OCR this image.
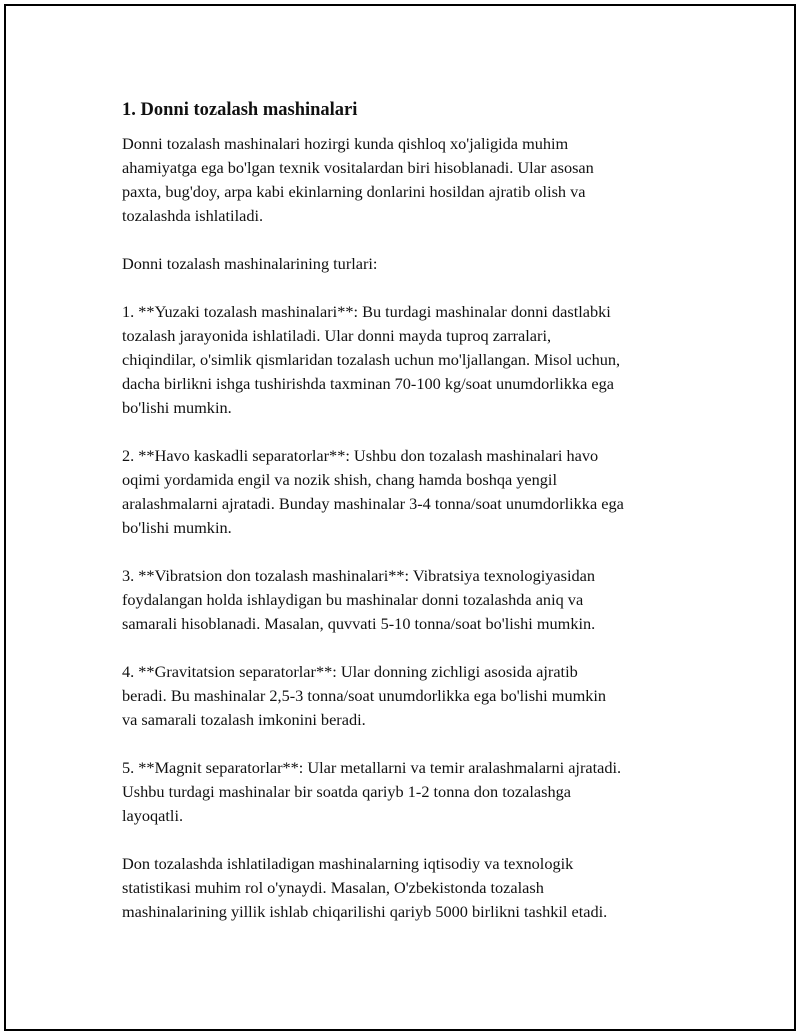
1. Donni tozalash mashinalari
Donni tozalash mashinalari hozirgi kunda qishloq xo'jaligida muhim
ahamiyatga ega bo'lgan texnik vositalardan biri hisoblanadi. Ular asosan
paxta, bug'doy, arpa kabi ekinlarning donlarini hosildan ajratib olish va
tozalashda ishlatiladi.
Donni tozalash mashinalarining turlari:
1. **Yuzaki tozalash mashinalari**: Bu turdagi mashinalar donni dastlabki
tozalash jarayonida ishlatiladi. Ular donni mayda tuproq zarralari,
chiqindilar, o'simlik qismlaridan tozalash uchun mo'ljallangan. Misol uchun,
dacha birlikni ishga tushirishda taxminan 70-100 kg/soat unumdorlikka ega
bo'lishi mumkin.
2. **Havo kaskadli separatorlar**: Ushbu don tozalash mashinalari havo
oqimi yordamida engil va nozik shish, chang hamda boshqa yengil
aralashmalarni ajratadi. Bunday mashinalar 3-4 tonna/soat unumdorlikka ega
bo'lishi mumkin.
3. **Vibratsion don tozalash mashinalari**: Vibratsiya texnologiyasidan
foydalangan holda ishlaydigan bu mashinalar donni tozalashda aniq va
samarali hisoblanadi. Masalan, quvvati 5-10 tonna/soat bo'lishi mumkin.
4. **Gravitatsion separatorlar**: Ular donning zichligi asosida ajratib
beradi. Bu mashinalar 2,5-3 tonna/soat unumdorlikka ega bo'lishi mumkin
va samarali tozalash imkonini beradi.
5. **Magnit separatorlar**: Ular metallarni va temir aralashmalarni ajratadi.
Ushbu turdagi mashinalar bir soatda qariyb 1-2 tonna don tozalashga
layoqatli.
Don tozalashda ishlatiladigan mashinalarning iqtisodiy va texnologik
statistikasi muhim rol o'ynaydi. Masalan, O'zbekistonda tozalash
mashinalarining yillik ishlab chiqarilishi qariyb 5000 birlikni tashkil etadi.
